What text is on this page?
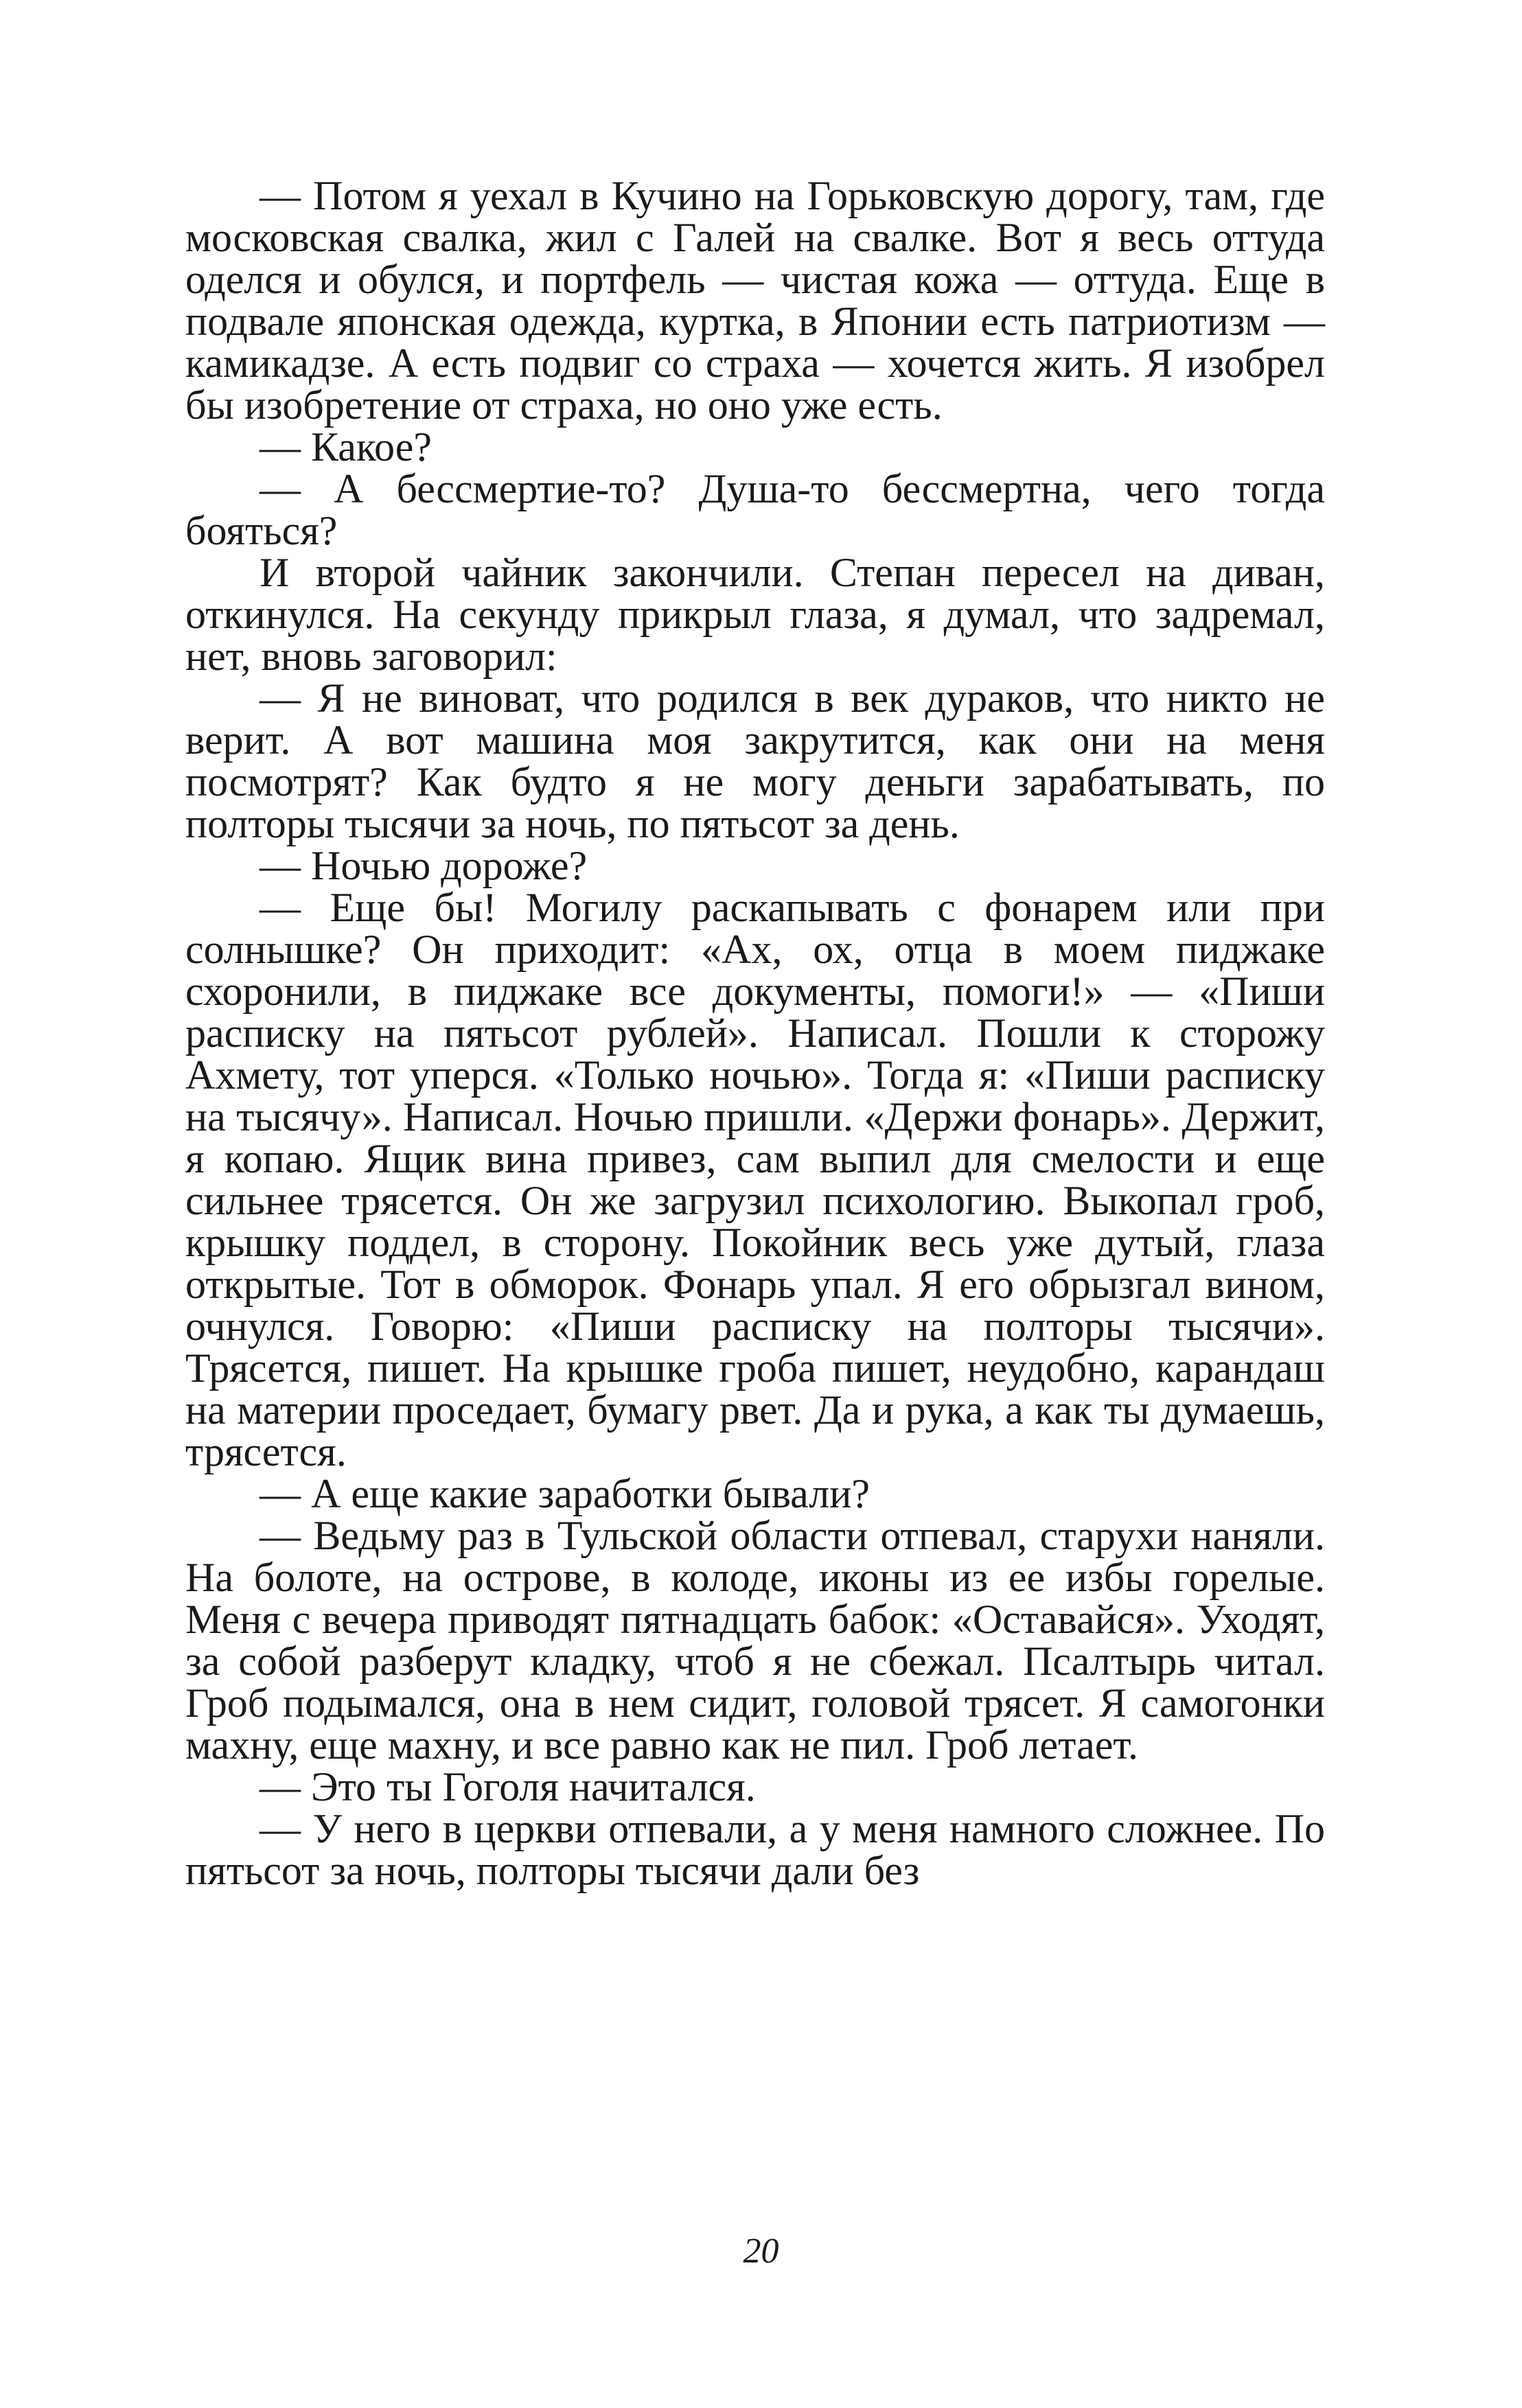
— Потом я уехал в Кучино на Горьковскую дорогу, там, где московская свалка, жил с Галей на свалке. Вот я весь оттуда оделся и обулся, и портфель — чистая кожа — оттуда. Еще в подвале японская одежда, куртка, в Японии есть патриотизм — камикадзе. А есть подвиг со страха — хочется жить. Я изобрел бы изобретение от страха, но оно уже есть.

— Какое?

— А бессмертие-то? Душа-то бессмертна, чего тогда бояться?

И второй чайник закончили. Степан пересел на диван, откинулся. На секунду прикрыл глаза, я думал, что задремал, нет, вновь заговорил:

— Я не виноват, что родился в век дураков, что никто не верит. А вот машина моя закрутится, как они на меня посмотрят? Как будто я не могу деньги зарабатывать, по полторы тысячи за ночь, по пятьсот за день.

— Ночью дороже?

— Еще бы! Могилу раскапывать с фонарем или при солнышке? Он приходит: «Ах, ох, отца в моем пиджаке схоронили, в пиджаке все документы, помоги!» — «Пиши расписку на пятьсот рублей». Написал. Пошли к сторожу Ахмету, тот уперся. «Только ночью». Тогда я: «Пиши расписку на тысячу». Написал. Ночью пришли. «Держи фонарь». Держит, я копаю. Ящик вина привез, сам выпил для смелости и еще сильнее трясется. Он же загрузил психологию. Выкопал гроб, крышку поддел, в сторону. Покойник весь уже дутый, глаза открытые. Тот в обморок. Фонарь упал. Я его обрызгал вином, очнулся. Говорю: «Пиши расписку на полторы тысячи». Трясется, пишет. На крышке гроба пишет, неудобно, карандаш на материи проседает, бумагу рвет. Да и рука, а как ты думаешь, трясется.

— А еще какие заработки бывали?

— Ведьму раз в Тульской области отпевал, старухи наняли. На болоте, на острове, в колоде, иконы из ее избы горелые. Меня с вечера приводят пятнадцать бабок: «Оставайся». Уходят, за собой разберут кладку, чтоб я не сбежал. Псалтырь читал. Гроб подымался, она в нем сидит, головой трясет. Я самогонки махну, еще махну, и все равно как не пил. Гроб летает.

— Это ты Гоголя начитался.

— У него в церкви отпевали, а у меня намного сложнее. По пятьсот за ночь, полторы тысячи дали без

20
